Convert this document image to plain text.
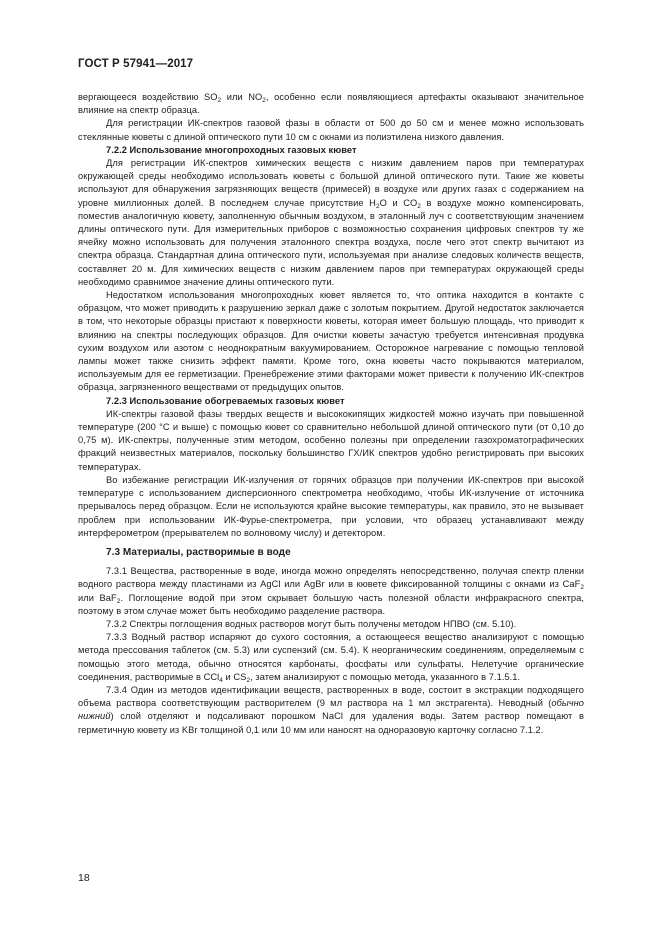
ГОСТ Р 57941—2017

вергающееся воздействию $SO_2$ или $NO_2$, особенно если появляющиеся артефакты оказывают значительное влияние на спектр образца.

Для регистрации ИК-спектров газовой фазы в области от 500 до 50 см и менее можно использовать стеклянные кюветы с длиной оптического пути 10 см с окнами из полиэтилена низкого давления.

7.2.2 Использование многопроходных газовых кювет

Для регистрации ИК-спектров химических веществ с низким давлением паров при температурах окружающей среды необходимо использовать кюветы с большой длиной оптического пути. Такие же кюветы используют для обнаружения загрязняющих веществ (примесей) в воздухе или других газах с содержанием на уровне миллионных долей. В последнем случае присутствие $H_2O$ и $CO_2$ в воздухе можно компенсировать, поместив аналогичную кювету, заполненную обычным воздухом, в эталонный луч с соответствующим значением длины оптического пути. Для измерительных приборов с возможностью сохранения цифровых спектров ту же ячейку можно использовать для получения эталонного спектра воздуха, после чего этот спектр вычитают из спектра образца. Стандартная длина оптического пути, используемая при анализе следовых количеств веществ, составляет 20 м. Для химических веществ с низким давлением паров при температурах окружающей среды необходимо сравнимое значение длины оптического пути.

Недостатком использования многопроходных кювет является то, что оптика находится в контакте с образцом, что может приводить к разрушению зеркал даже с золотым покрытием. Другой недостаток заключается в том, что некоторые образцы пристают к поверхности кюветы, которая имеет большую площадь, что приводит к влиянию на спектры последующих образцов. Для очистки кюветы зачастую требуется интенсивная продувка сухим воздухом или азотом с неоднократным вакуумированием. Осторожное нагревание с помощью тепловой лампы может также снизить эффект памяти. Кроме того, окна кюветы часто покрываются материалом, используемым для ее герметизации. Пренебрежение этими факторами может привести к получению ИК-спектров образца, загрязненного веществами от предыдущих опытов.

7.2.3 Использование обогреваемых газовых кювет

ИК-спектры газовой фазы твердых веществ и высококипящих жидкостей можно изучать при повышенной температуре (200 °С и выше) с помощью кювет со сравнительно небольшой длиной оптического пути (от 0,10 до 0,75 м). ИК-спектры, полученные этим методом, особенно полезны при определении газохроматографических фракций неизвестных материалов, поскольку большинство ГХ/ИК спектров удобно регистрировать при высоких температурах.

Во избежание регистрации ИК-излучения от горячих образцов при получении ИК-спектров при высокой температуре с использованием дисперсионного спектрометра необходимо, чтобы ИК-излучение от источника прерывалось перед образцом. Если не используются крайне высокие температуры, как правило, это не вызывает проблем при использовании ИК-Фурье-спектрометра, при условии, что образец устанавливают между интерферометром (прерывателем по волновому числу) и детектором.

7.3 Материалы, растворимые в воде

7.3.1 Вещества, растворенные в воде, иногда можно определять непосредственно, получая спектр пленки водного раствора между пластинами из AgCl или AgBr или в кювете фиксированной толщины с окнами из CaF$_2$ или BaF$_2$. Поглощение водой при этом скрывает большую часть полезной области инфракрасного спектра, поэтому в этом случае может быть необходимо разделение раствора.

7.3.2 Спектры поглощения водных растворов могут быть получены методом НПВО (см. 5.10).

7.3.3 Водный раствор испаряют до сухого состояния, а остающееся вещество анализируют с помощью метода прессования таблеток (см. 5.3) или суспензий (см. 5.4). К неорганическим соединениям, определяемым с помощью этого метода, обычно относятся карбонаты, фосфаты или сульфаты. Нелетучие органические соединения, растворимые в CCl$_4$ и $CS_2$, затем анализируют с помощью метода, указанного в 7.1.5.1.

7.3.4 Один из методов идентификации веществ, растворенных в воде, состоит в экстракции подходящего объема раствора соответствующим растворителем (9 мл раствора на 1 мл экстрагента). Неводный (обычно нижний) слой отделяют и подсаливают порошком NaCl для удаления воды. Затем раствор помещают в герметичную кювету из KBr толщиной 0,1 или 10 мм или наносят на одноразовую карточку согласно 7.1.2.

18
